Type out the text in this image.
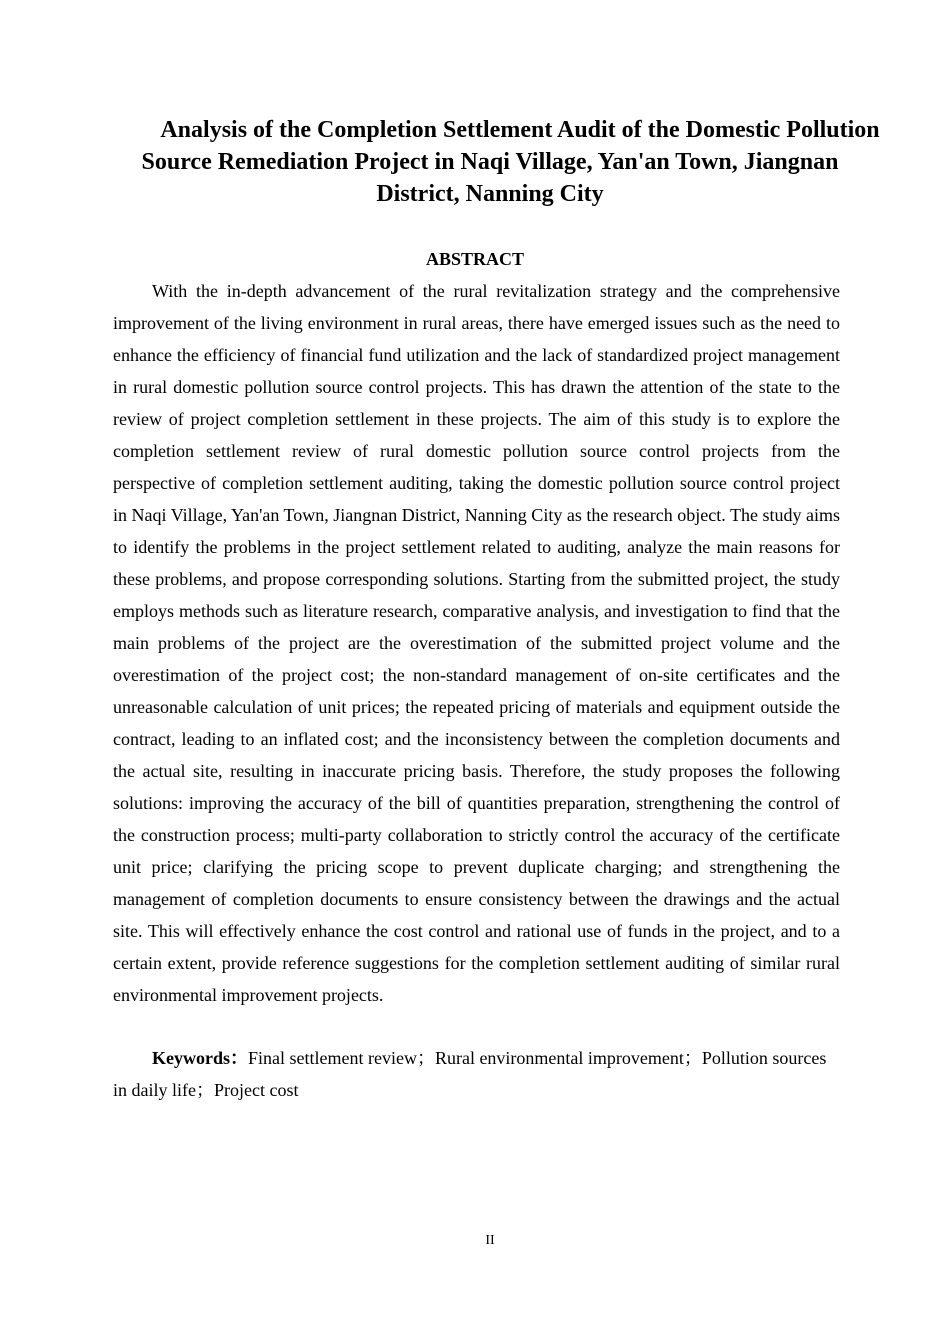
Analysis of the Completion Settlement Audit of the Domestic Pollution Source Remediation Project in Naqi Village, Yan'an Town, Jiangnan District, Nanning City
ABSTRACT

With the in-depth advancement of the rural revitalization strategy and the comprehensive improvement of the living environment in rural areas, there have emerged issues such as the need to enhance the efficiency of financial fund utilization and the lack of standardized project management in rural domestic pollution source control projects. This has drawn the attention of the state to the review of project completion settlement in these projects. The aim of this study is to explore the completion settlement review of rural domestic pollution source control projects from the perspective of completion settlement auditing, taking the domestic pollution source control project in Naqi Village, Yan'an Town, Jiangnan District, Nanning City as the research object. The study aims to identify the problems in the project settlement related to auditing, analyze the main reasons for these problems, and propose corresponding solutions. Starting from the submitted project, the study employs methods such as literature research, comparative analysis, and investigation to find that the main problems of the project are the overestimation of the submitted project volume and the overestimation of the project cost; the non-standard management of on-site certificates and the unreasonable calculation of unit prices; the repeated pricing of materials and equipment outside the contract, leading to an inflated cost; and the inconsistency between the completion documents and the actual site, resulting in inaccurate pricing basis. Therefore, the study proposes the following solutions: improving the accuracy of the bill of quantities preparation, strengthening the control of the construction process; multi-party collaboration to strictly control the accuracy of the certificate unit price; clarifying the pricing scope to prevent duplicate charging; and strengthening the management of completion documents to ensure consistency between the drawings and the actual site. This will effectively enhance the cost control and rational use of funds in the project, and to a certain extent, provide reference suggestions for the completion settlement auditing of similar rural environmental improvement projects.

Keywords：Final settlement review；Rural environmental improvement；Pollution sources in daily life；Project cost

II
